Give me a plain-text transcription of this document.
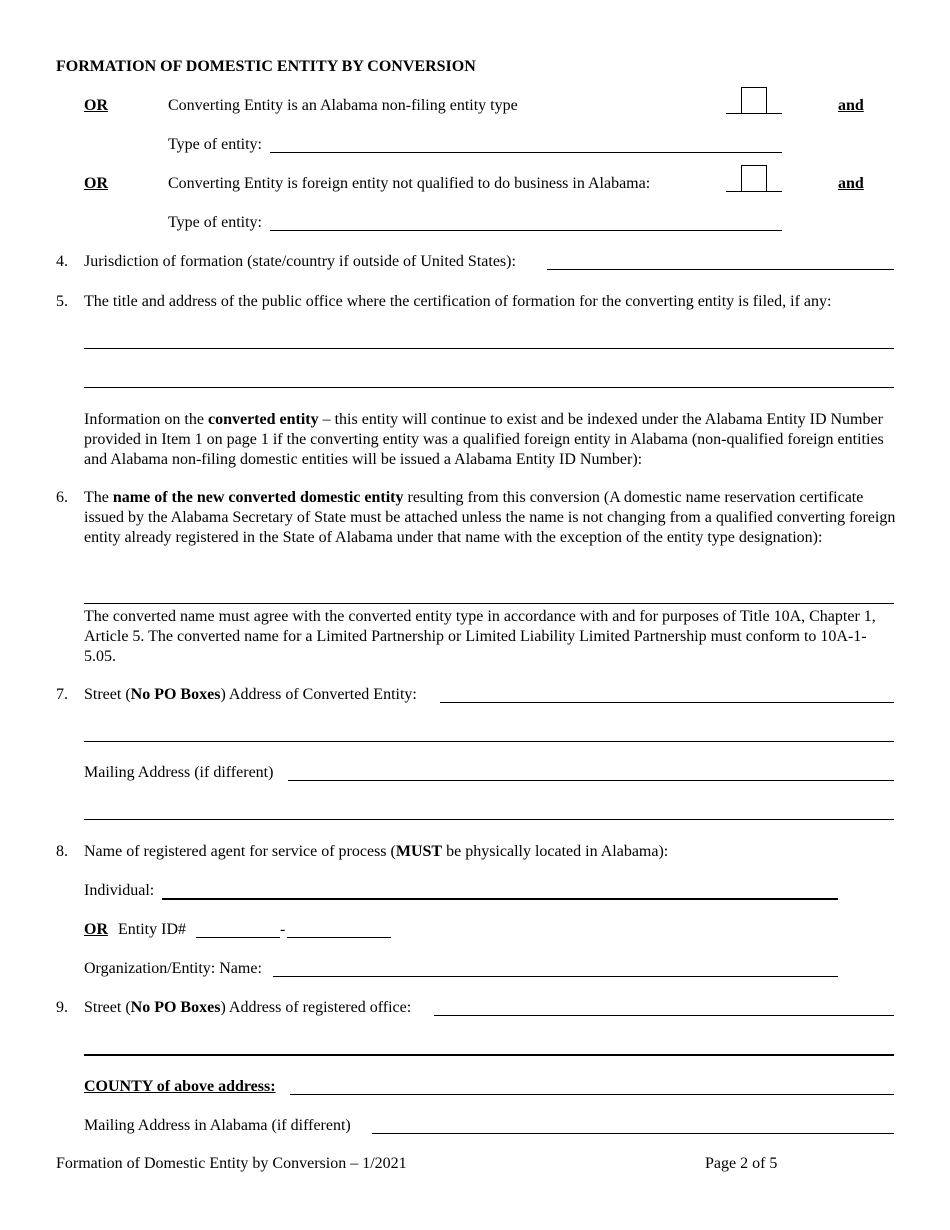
FORMATION OF DOMESTIC ENTITY BY CONVERSION
OR	Converting Entity is an Alabama non-filing entity type	and
Type of entity:
OR	Converting Entity is foreign entity not qualified to do business in Alabama:	and
Type of entity:
4. Jurisdiction of formation (state/country if outside of United States):
5. The title and address of the public office where the certification of formation for the converting entity is filed, if any:
Information on the converted entity – this entity will continue to exist and be indexed under the Alabama Entity ID Number provided in Item 1 on page 1 if the converting entity was a qualified foreign entity in Alabama (non-qualified foreign entities and Alabama non-filing domestic entities will be issued a Alabama Entity ID Number):
6. The name of the new converted domestic entity resulting from this conversion (A domestic name reservation certificate issued by the Alabama Secretary of State must be attached unless the name is not changing from a qualified converting foreign entity already registered in the State of Alabama under that name with the exception of the entity type designation):
The converted name must agree with the converted entity type in accordance with and for purposes of Title 10A, Chapter 1, Article 5. The converted name for a Limited Partnership or Limited Liability Limited Partnership must conform to 10A-1-5.05.
7. Street (No PO Boxes) Address of Converted Entity:
Mailing Address (if different)
8. Name of registered agent for service of process (MUST be physically located in Alabama):
Individual:
OR Entity ID#	-
Organization/Entity: Name:
9. Street (No PO Boxes) Address of registered office:
COUNTY of above address:
Mailing Address in Alabama (if different)
Formation of Domestic Entity by Conversion – 1/2021	Page 2 of 5
